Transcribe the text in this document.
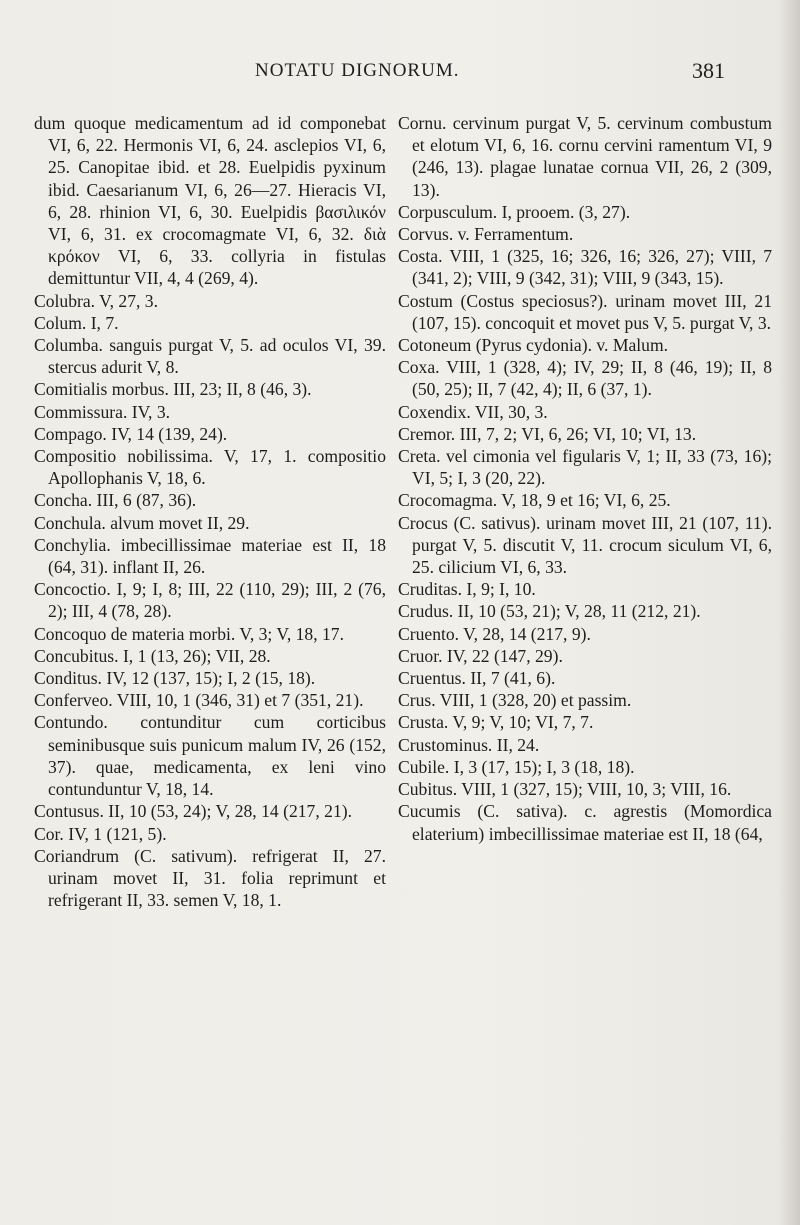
NOTATU DIGNORUM.	381
dum quoque medicamentum ad id componebat VI, 6, 22. Hermonis VI, 6, 24. asclepios VI, 6, 25. Canopitae ibid. et 28. Euelpidis pyxinum ibid. Caesarianum VI, 6, 26—27. Hieracis VI, 6, 28. rhinion VI, 6, 30. Euelpidis βασιλικόν VI, 6, 31. ex crocomagmate VI, 6, 32. διὰ κρόκον VI, 6, 33. collyria in fistulas demittuntur VII, 4, 4 (269, 4).
Colubra. V, 27, 3.
Colum. I, 7.
Columba. sanguis purgat V, 5. ad oculos VI, 39. stercus adurit V, 8.
Comitialis morbus. III, 23; II, 8 (46, 3).
Commissura. IV, 3.
Compago. IV, 14 (139, 24).
Compositio nobilissima. V, 17, 1. compositio Apollophanis V, 18, 6.
Concha. III, 6 (87, 36).
Conchula. alvum movet II, 29.
Conchylia. imbecillissimae materiae est II, 18 (64, 31). inflant II, 26.
Concoctio. I, 9; I, 8; III, 22 (110, 29); III, 2 (76, 2); III, 4 (78, 28).
Concoquo de materia morbi. V, 3; V, 18, 17.
Concubitus. I, 1 (13, 26); VII, 28.
Conditus. IV, 12 (137, 15); I, 2 (15, 18).
Conferveo. VIII, 10, 1 (346, 31) et 7 (351, 21).
Contundo. contunditur cum corticibus seminibusque suis punicum malum IV, 26 (152, 37). quae, medicamenta, ex leni vino contunduntur V, 18, 14.
Contusus. II, 10 (53, 24); V, 28, 14 (217, 21).
Cor. IV, 1 (121, 5).
Coriandrum (C. sativum). refrigerat II, 27. urinam movet II, 31. folia reprimunt et refrigerant II, 33. semen V, 18, 1.
Cornu. cervinum purgat V, 5. cervinum combustum et elotum VI, 6, 16. cornu cervini ramentum VI, 9 (246, 13). plagae lunatae cornua VII, 26, 2 (309, 13).
Corpusculum. I, prooem. (3, 27).
Corvus. v. Ferramentum.
Costa. VIII, 1 (325, 16; 326, 16; 326, 27); VIII, 7 (341, 2); VIII, 9 (342, 31); VIII, 9 (343, 15).
Costum (Costus speciosus?). urinam movet III, 21 (107, 15). concoquit et movet pus V, 5. purgat V, 3.
Cotoneum (Pyrus cydonia). v. Malum.
Coxa. VIII, 1 (328, 4); IV, 29; II, 8 (46, 19); II, 8 (50, 25); II, 7 (42, 4); II, 6 (37, 1).
Coxendix. VII, 30, 3.
Cremor. III, 7, 2; VI, 6, 26; VI, 10; VI, 13.
Creta. vel cimonia vel figularis V, 1; II, 33 (73, 16); VI, 5; I, 3 (20, 22).
Crocomagma. V, 18, 9 et 16; VI, 6, 25.
Crocus (C. sativus). urinam movet III, 21 (107, 11). purgat V, 5. discutit V, 11. crocum siculum VI, 6, 25. cilicium VI, 6, 33.
Cruditas. I, 9; I, 10.
Crudus. II, 10 (53, 21); V, 28, 11 (212, 21).
Cruento. V, 28, 14 (217, 9).
Cruor. IV, 22 (147, 29).
Cruentus. II, 7 (41, 6).
Crus. VIII, 1 (328, 20) et passim.
Crusta. V, 9; V, 10; VI, 7, 7.
Crustominus. II, 24.
Cubile. I, 3 (17, 15); I, 3 (18, 18).
Cubitus. VIII, 1 (327, 15); VIII, 10, 3; VIII, 16.
Cucumis (C. sativa). c. agrestis (Momordica elaterium) imbecillissimae materiae est II, 18 (64,
